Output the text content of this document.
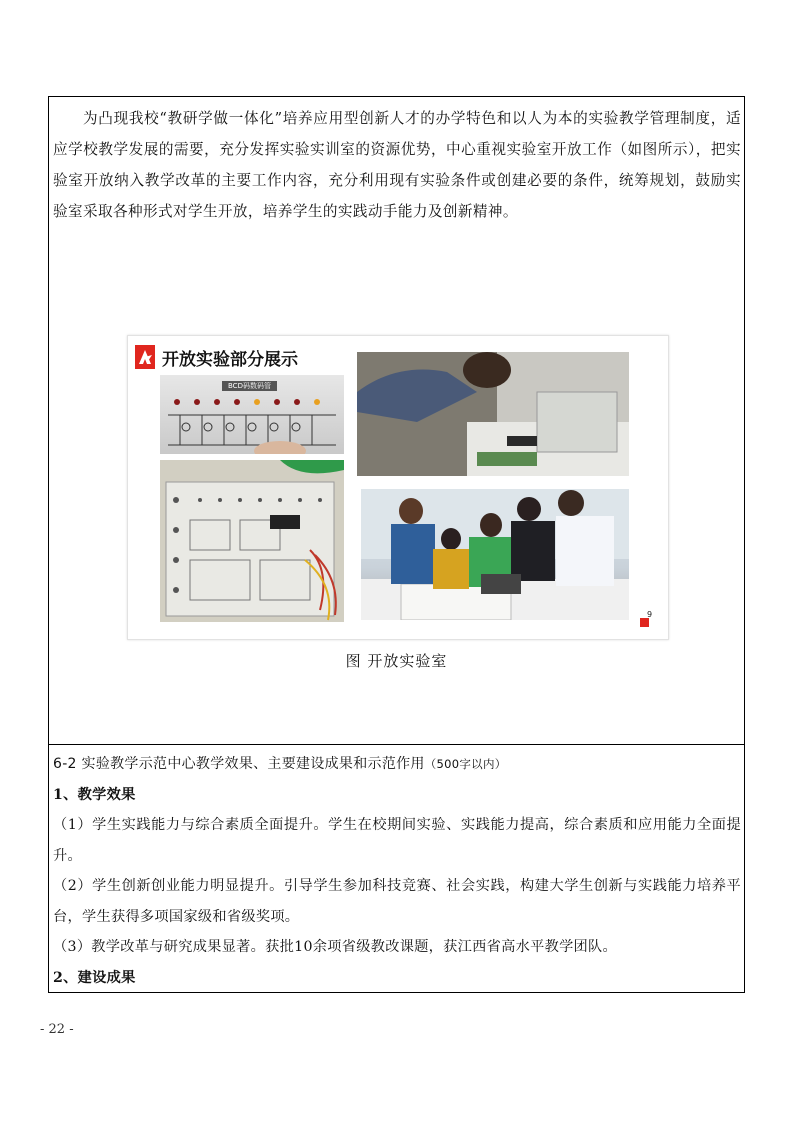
为凸现我校“教研学做一体化”培养应用型创新人才的办学特色和以人为本的实验教学管理制度，适应学校教学发展的需要，充分发挥实验实训室的资源优势，中心重视实验室开放工作（如图所示），把实验室开放纳入教学改革的主要工作内容，充分利用现有实验条件或创建必要的条件，统筹规划，鼓励实验室采取各种形式对学生开放，培养学生的实践动手能力及创新精神。

开放实验部分展示
BCD码数码管
9
图 开放实验室

6-2 实验教学示范中心教学效果、主要建设成果和示范作用（500字以内）

1、教学效果

（1）学生实践能力与综合素质全面提升。学生在校期间实验、实践能力提高，综合素质和应用能力全面提升。

（2）学生创新创业能力明显提升。引导学生参加科技竞赛、社会实践，构建大学生创新与实践能力培养平台，学生获得多项国家级和省级奖项。

（3）教学改革与研究成果显著。获批10余项省级教改课题，获江西省高水平教学团队。

2、建设成果

- 22 -
